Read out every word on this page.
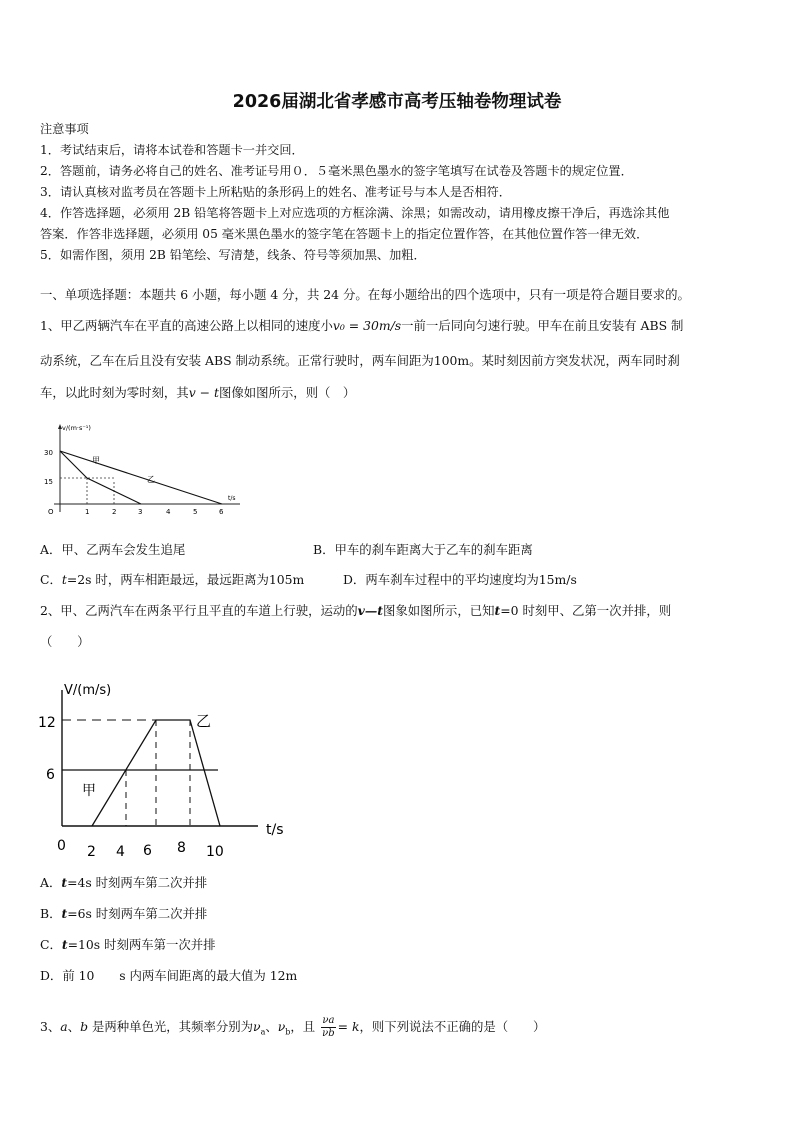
2026届湖北省孝感市高考压轴卷物理试卷
注意事项
1．考试结束后，请将本试卷和答题卡一并交回．
2．答题前，请务必将自己的姓名、准考证号用０．５毫米黑色墨水的签字笔填写在试卷及答题卡的规定位置．
3．请认真核对监考员在答题卡上所粘贴的条形码上的姓名、准考证号与本人是否相符．
4．作答选择题，必须用 2B 铅笔将答题卡上对应选项的方框涂满、涂黑；如需改动，请用橡皮擦干净后，再选涂其他
答案．作答非选择题，必须用 05 毫米黑色墨水的签字笔在答题卡上的指定位置作答，在其他位置作答一律无效．
5．如需作图，须用 2B 铅笔绘、写清楚，线条、符号等须加黑、加粗．
一、单项选择题：本题共 6 小题，每小题 4 分，共 24 分。在每小题给出的四个选项中，只有一项是符合题目要求的。
1、甲乙两辆汽车在平直的高速公路上以相同的速度小v₀ = 30m/s一前一后同向匀速行驶。甲车在前且安装有 ABS 制
动系统，乙车在后且没有安装 ABS 制动系统。正常行驶时，两车间距为100m。某时刻因前方突发状况，两车同时刹
车，以此时刻为零时刻，其v − t图像如图所示，则（　）
v/(m·s⁻¹)
t/s
30
15
O	1	2	3	4	5	6
甲
乙
A．甲、乙两车会发生追尾	B．甲车的刹车距离大于乙车的刹车距离
C．t=2s 时，两车相距最远，最远距离为105m	D．两车刹车过程中的平均速度均为15m/s
2、甲、乙两汽车在两条平行且平直的车道上行驶，运动的v—t图象如图所示，已知t=0 时刻甲、乙第一次并排，则
（　　）
V/(m/s)
t/s
12
6
0 2 4 6 8 10
甲
乙
A．t=4s 时刻两车第二次并排
B．t=6s 时刻两车第二次并排
C．t=10s 时刻两车第一次并排
D．前 10　　s 内两车间距离的最大值为 12m
3、a、b 是两种单色光，其频率分别为$\nu_a$、$\nu_b$，且 $\frac{\nu a}{\nu b} = k$，则下列说法不正确的是（　　）
